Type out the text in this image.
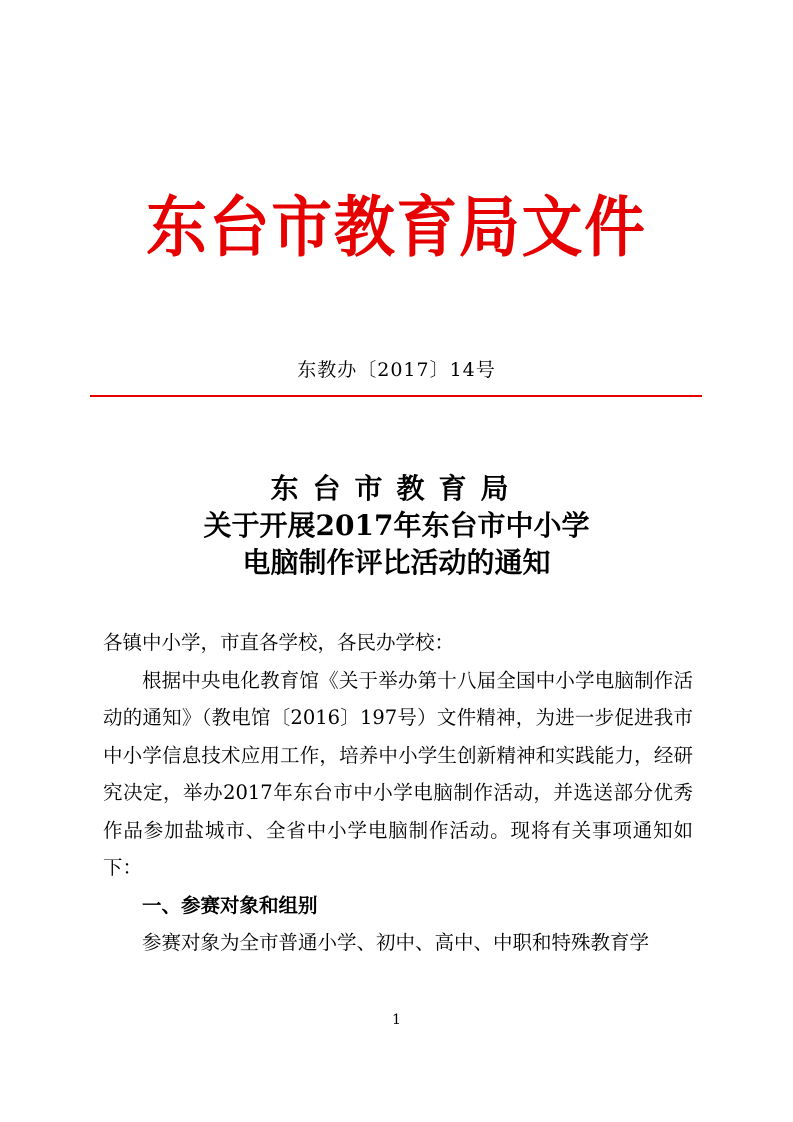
东台市教育局文件
东教办〔2017〕14号
东台市教育局
关于开展2017年东台市中小学
电脑制作评比活动的通知

各镇中小学，市直各学校，各民办学校：

根据中央电化教育馆《关于举办第十八届全国中小学电脑制作活动的通知》（教电馆〔2016〕197号）文件精神，为进一步促进我市中小学信息技术应用工作，培养中小学生创新精神和实践能力，经研究决定，举办2017年东台市中小学电脑制作活动，并选送部分优秀作品参加盐城市、全省中小学电脑制作活动。现将有关事项通知如下：

一、参赛对象和组别

参赛对象为全市普通小学、初中、高中、中职和特殊教育学

1
